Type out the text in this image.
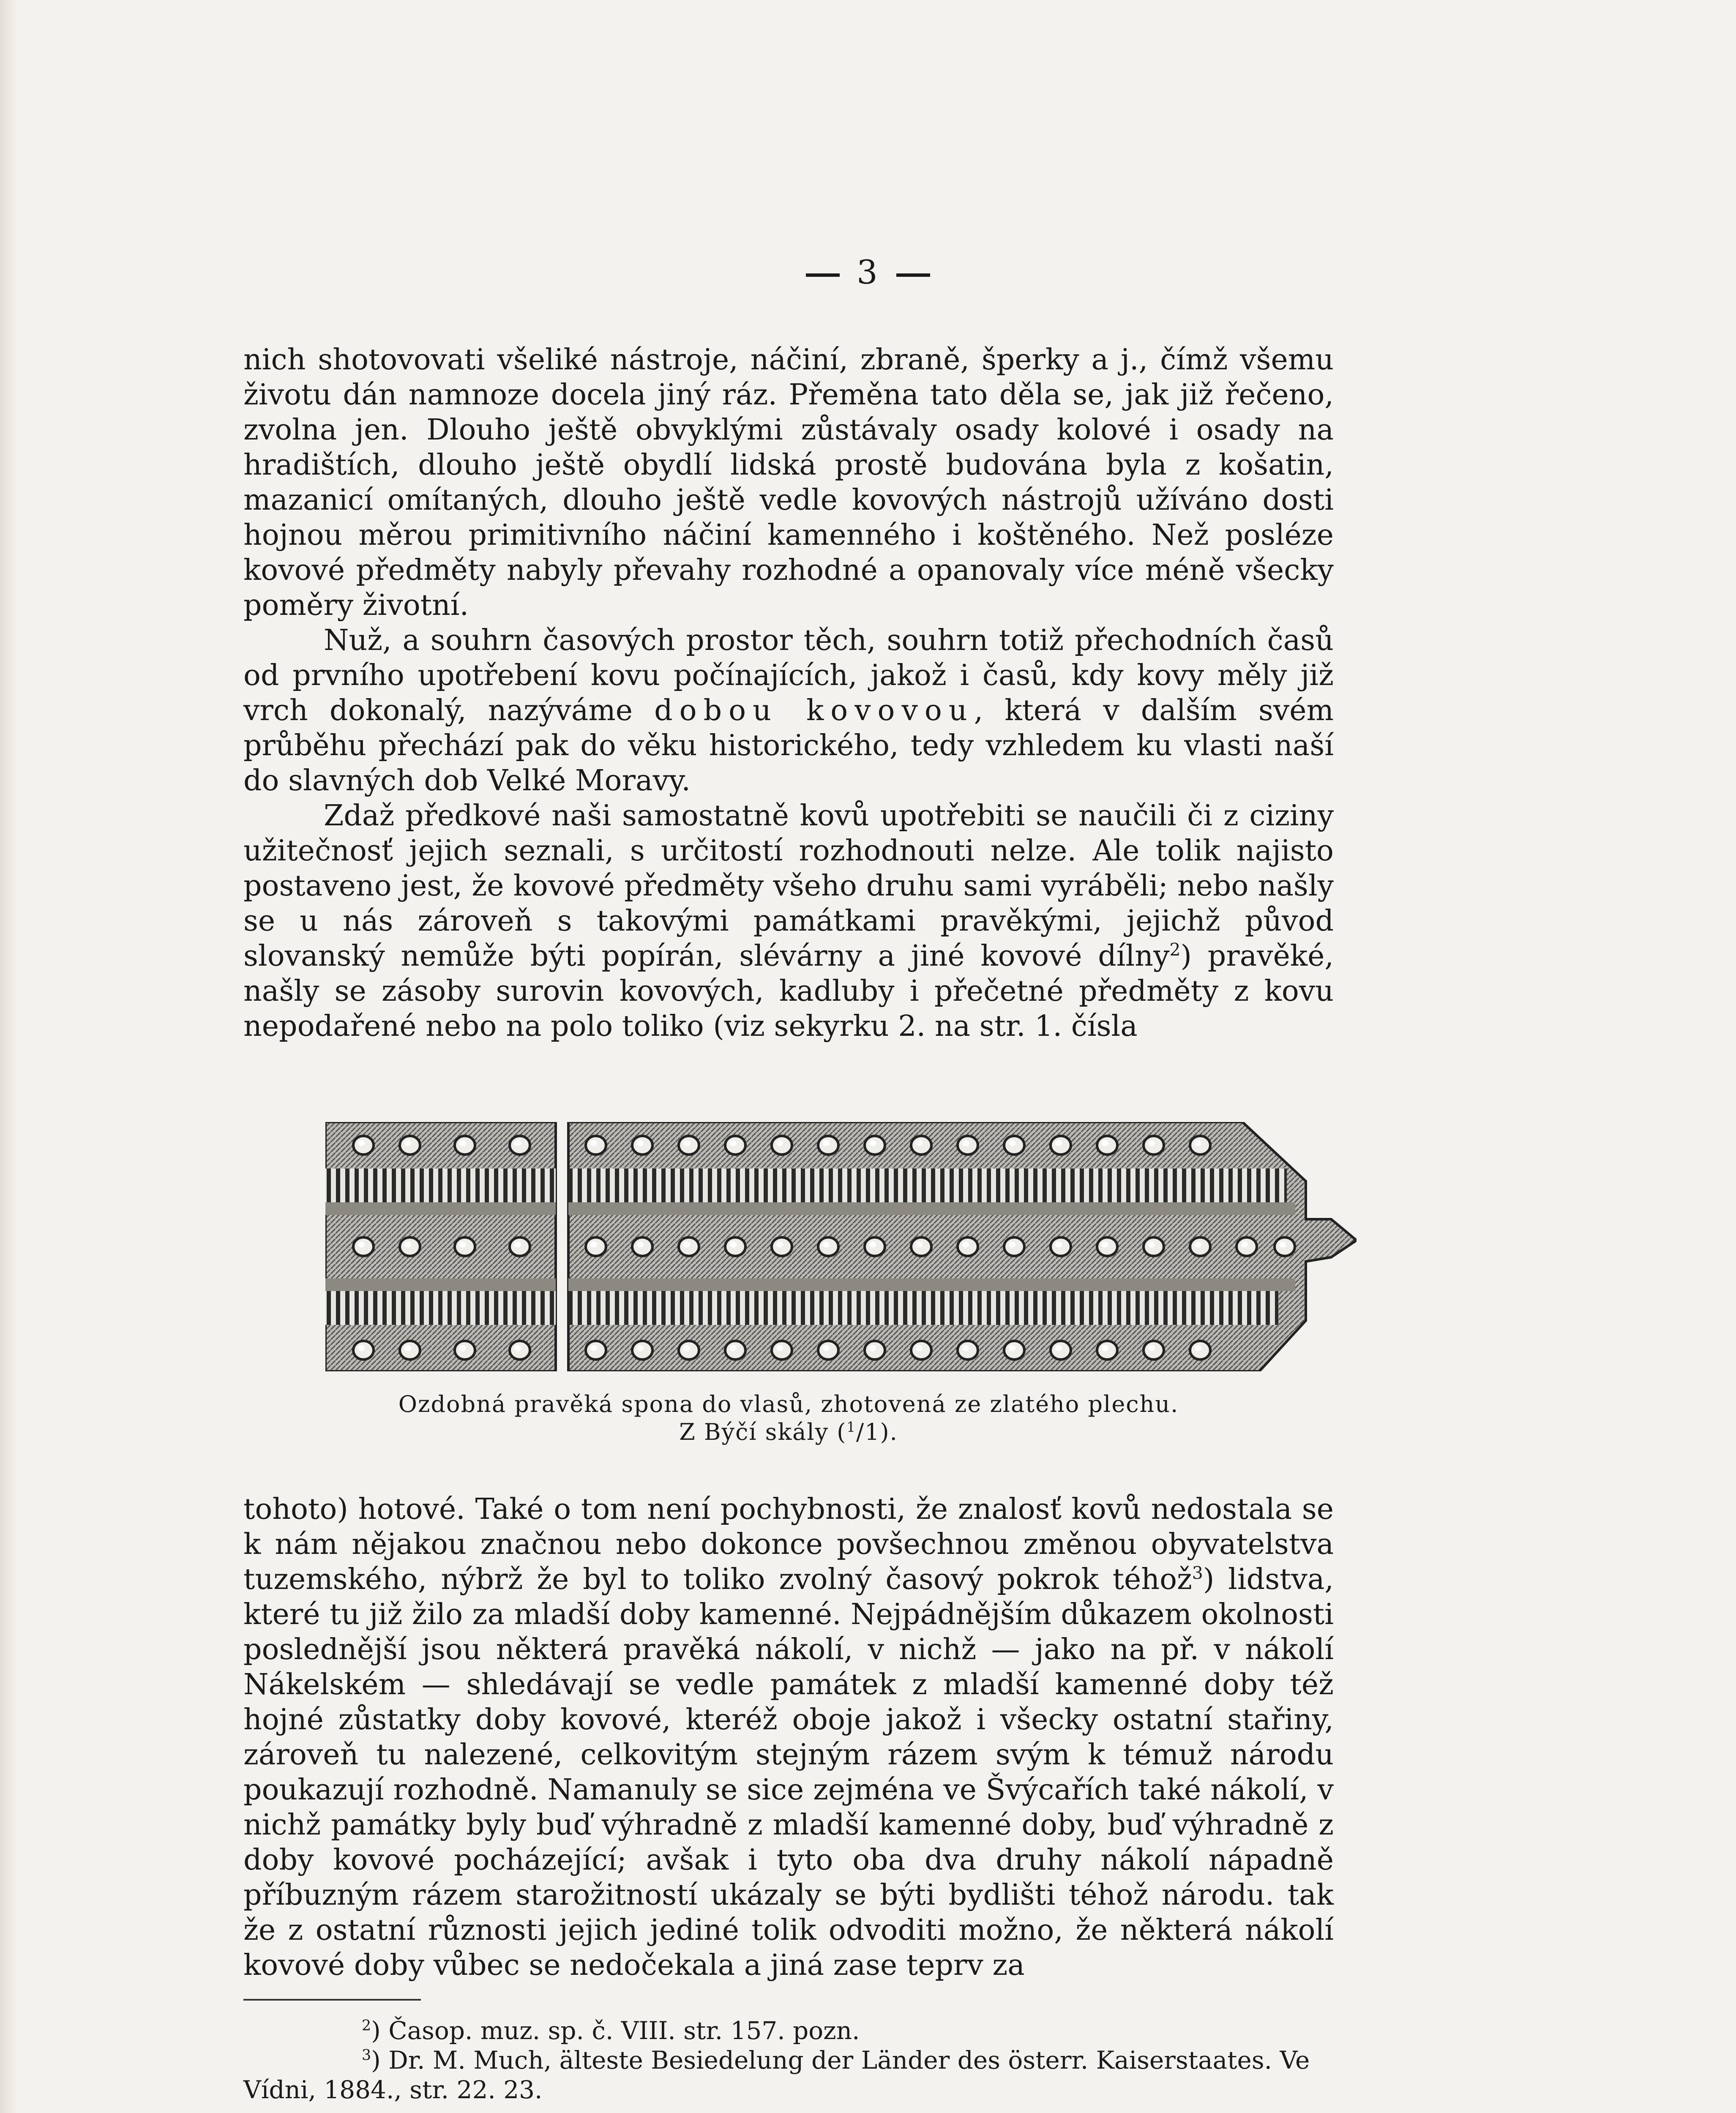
3

nich shotovovati všeliké nástroje, náčiní, zbraně, šperky a j., čímž všemu životu dán namnoze docela jiný ráz. Přeměna tato děla se, jak již řečeno, zvolna jen. Dlouho ještě obvyklými zůstávaly osady kolové i osady na hradištích, dlouho ještě obydlí lidská prostě budována byla z košatin, mazanicí omítaných, dlouho ještě vedle kovových nástrojů užíváno dosti hojnou měrou primitivního náčiní kamenného i koštěného. Než posléze kovové předměty nabyly převahy rozhodné a opanovaly více méně všecky poměry životní.

Nuž, a souhrn časových prostor těch, souhrn totiž přechodních časů od prvního upotřebení kovu počínajících, jakož i časů, kdy kovy měly již vrch dokonalý, nazýváme dobou kovovou, která v dalším svém průběhu přechází pak do věku historického, tedy vzhledem ku vlasti naší do slavných dob Velké Moravy.

Zdaž předkové naši samostatně kovů upotřebiti se naučili či z ciziny užitečnosť jejich seznali, s určitostí rozhodnouti nelze. Ale tolik najisto postaveno jest, že kovové předměty všeho druhu sami vyráběli; nebo našly se u nás zároveň s takovými památkami pravěkými, jejichž původ slovanský nemůže býti popírán, slévárny a jiné kovové dílny$^2$) pravěké, našly se zásoby surovin kovových, kadluby i přečetné předměty z kovu nepodařené nebo na polo toliko (viz sekyrku 2. na str. 1. čísla

Ozdobná pravěká spona do vlasů, zhotovená ze zlatého plechu.
Z Býčí skály ($^1$/1).

tohoto) hotové. Také o tom není pochybnosti, že znalosť kovů nedostala se k nám nějakou značnou nebo dokonce povšechnou změnou obyvatelstva tuzemského, nýbrž že byl to toliko zvolný časový pokrok téhož$^3$) lidstva, které tu již žilo za mladší doby kamenné. Nejpádnějším důkazem okolnosti poslednější jsou některá pravěká nákolí, v nichž — jako na př. v nákolí Nákelském — shledávají se vedle památek z mladší kamenné doby též hojné zůstatky doby kovové, kteréž oboje jakož i všecky ostatní stařiny, zároveň tu nalezené, celkovitým stejným rázem svým k témuž národu poukazují rozhodně. Namanuly se sice zejména ve Švýcařích také nákolí, v nichž památky byly buď výhradně z mladší kamenné doby, buď výhradně z doby kovové pocházející; avšak i tyto oba dva druhy nákolí nápadně příbuzným rázem starožitností ukázaly se býti bydlišti téhož národu. tak že z ostatní různosti jejich jediné tolik odvoditi možno, že některá nákolí kovové doby vůbec se nedočekala a jiná zase teprv za

$^2$) Časop. muz. sp. č. VIII. str. 157. pozn.

$^3$) Dr. M. Much, älteste Besiedelung der Länder des österr. Kaiserstaates. Ve Vídni, 1884., str. 22. 23.
